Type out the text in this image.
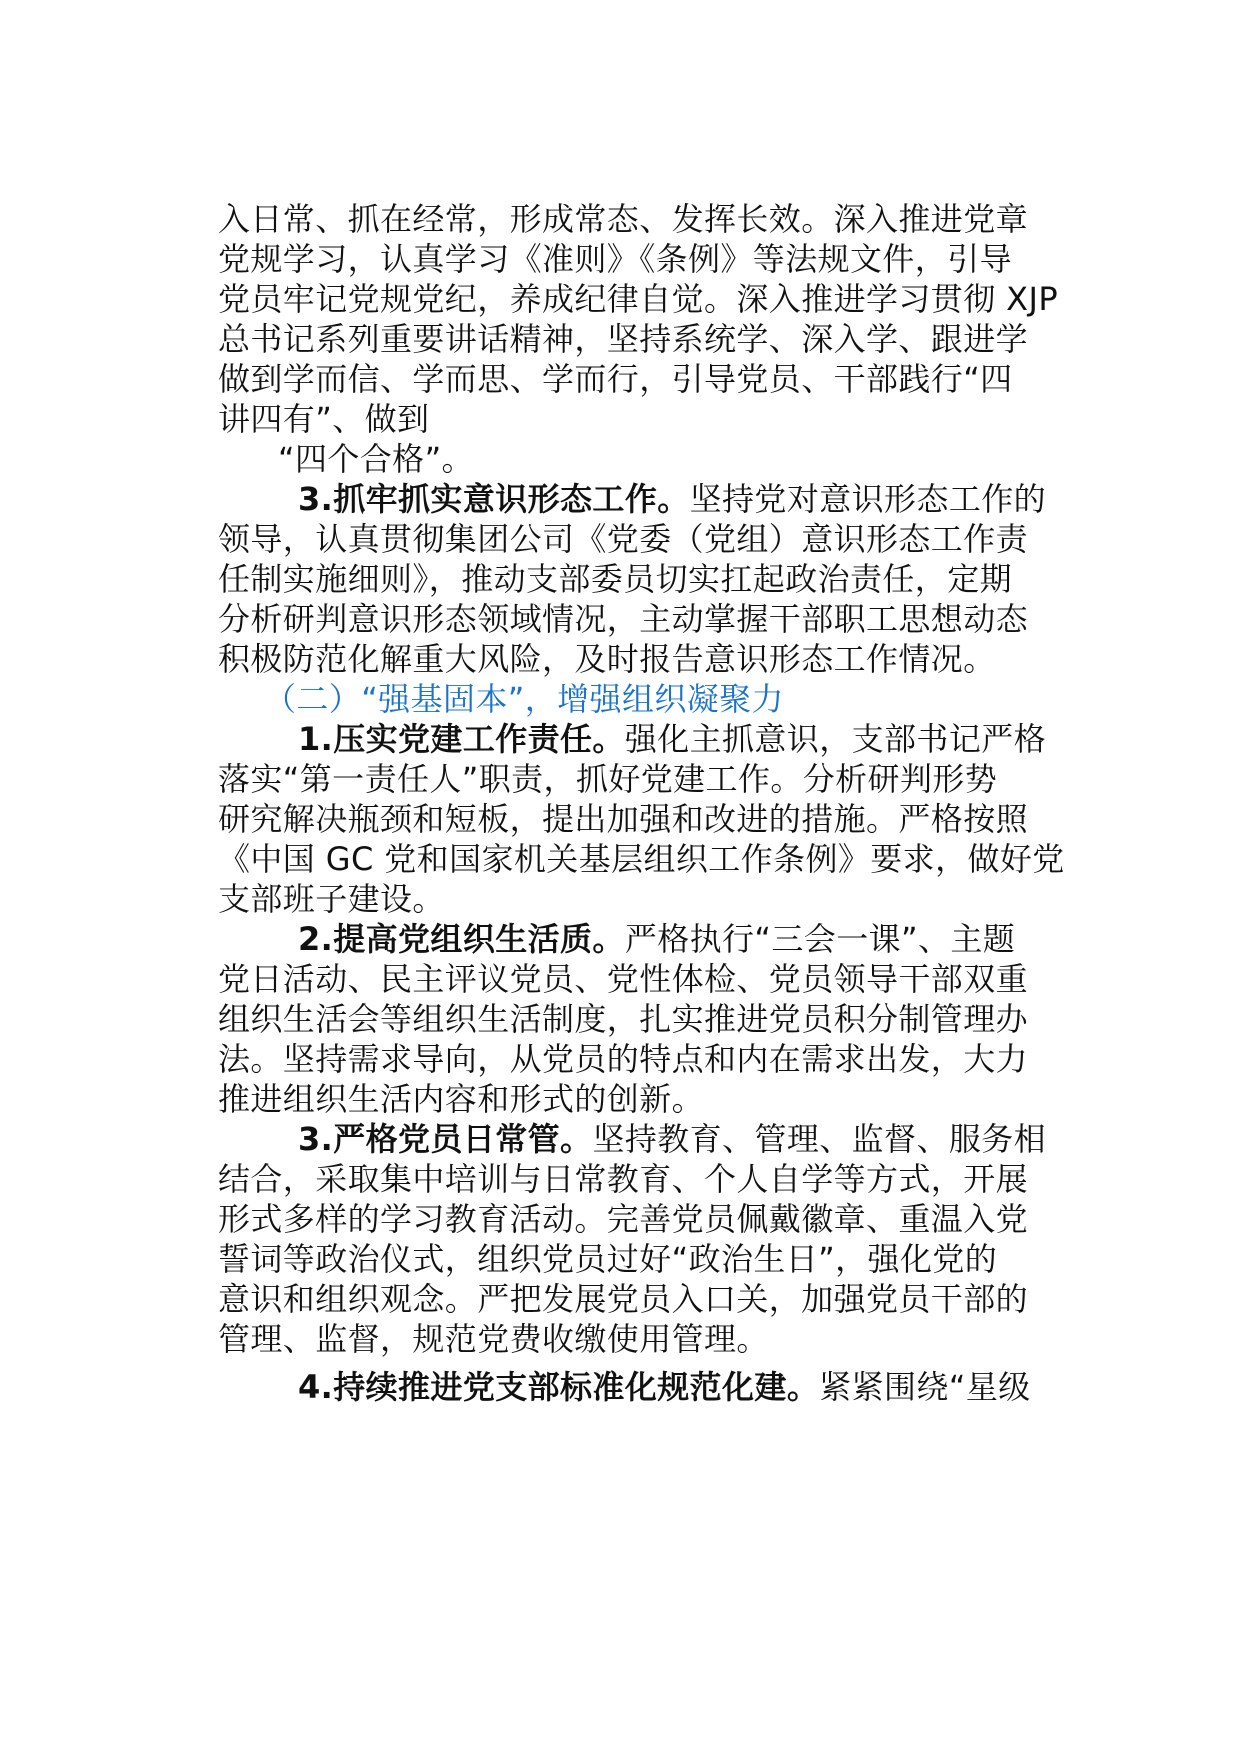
入日常、抓在经常，形成常态、发挥长效。深入推进党章
党规学习，认真学习《准则》《条例》等法规文件，引导
党员牢记党规党纪，养成纪律自觉。深入推进学习贯彻 XJP
总书记系列重要讲话精神，坚持系统学、深入学、跟进学
做到学而信、学而思、学而行，引导党员、干部践行“四
讲四有”、做到
“四个合格”。
3.抓牢抓实意识形态工作。坚持党对意识形态工作的
领导，认真贯彻集团公司《党委（党组）意识形态工作责
任制实施细则》，推动支部委员切实扛起政治责任，定期
分析研判意识形态领域情况，主动掌握干部职工思想动态
积极防范化解重大风险，及时报告意识形态工作情况。
（二）“强基固本”，增强组织凝聚力
1.压实党建工作责任。强化主抓意识，支部书记严格
落实“第一责任人”职责，抓好党建工作。分析研判形势
研究解决瓶颈和短板，提出加强和改进的措施。严格按照
《中国 GC 党和国家机关基层组织工作条例》要求，做好党
支部班子建设。
2.提高党组织生活质。严格执行“三会一课”、主题
党日活动、民主评议党员、党性体检、党员领导干部双重
组织生活会等组织生活制度，扎实推进党员积分制管理办
法。坚持需求导向，从党员的特点和内在需求出发，大力
推进组织生活内容和形式的创新。
3.严格党员日常管。坚持教育、管理、监督、服务相
结合，采取集中培训与日常教育、个人自学等方式，开展
形式多样的学习教育活动。完善党员佩戴徽章、重温入党
誓词等政治仪式，组织党员过好“政治生日”，强化党的
意识和组织观念。严把发展党员入口关，加强党员干部的
管理、监督，规范党费收缴使用管理。
4.持续推进党支部标准化规范化建。紧紧围绕“星级
